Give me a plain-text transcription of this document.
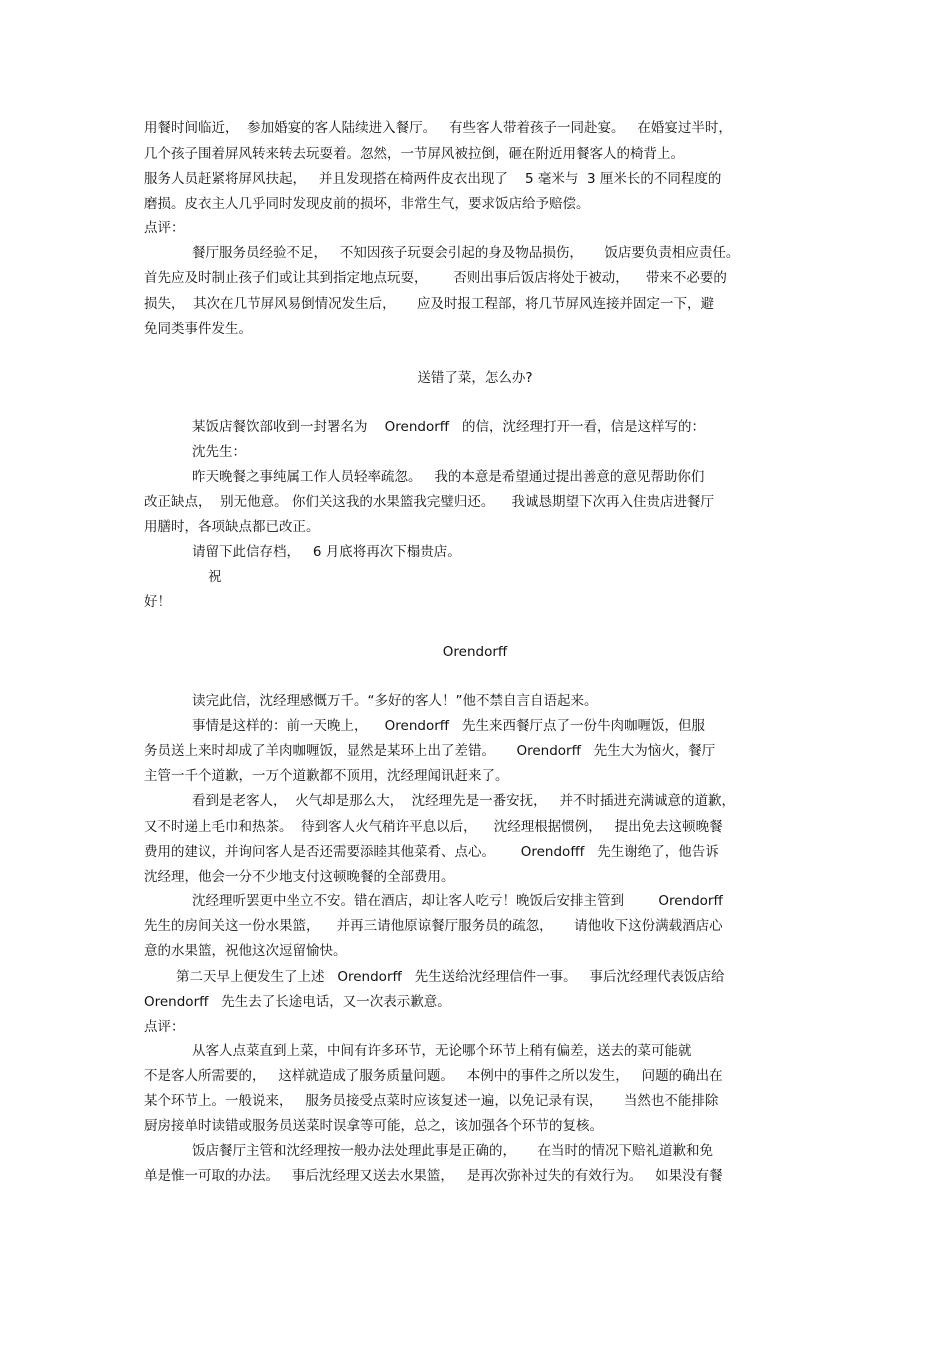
用餐时间临近，  参加婚宴的客人陆续进入餐厅。   有些客人带着孩子一同赴宴。   在婚宴过半时，
几个孩子围着屏风转来转去玩耍着。忽然，一节屏风被拉倒，砸在附近用餐客人的椅背上。
服务人员赶紧将屏风扶起，   并且发现搭在椅两件皮衣出现了    5 毫米与  3 厘米长的不同程度的
磨损。皮衣主人几乎同时发现皮前的损坏，非常生气，要求饭店给予赔偿。
点评：
餐厅服务员经验不足，   不知因孩子玩耍会引起的身及物品损伤，     饭店要负责相应责任。
首先应及时制止孩子们或让其到指定地点玩耍，      否则出事后饭店将处于被动，    带来不必要的
损失，  其次在几节屏风易倒情况发生后，     应及时报工程部，将几节屏风连接并固定一下，避
免同类事件发生。
送错了菜，怎么办?
某饭店餐饮部收到一封署名为    Orendorff   的信，沈经理打开一看，信是这样写的：
沈先生：
昨天晚餐之事纯属工作人员轻率疏忽。   我的本意是希望通过提出善意的意见帮助你们
改正缺点，  别无他意。 你们关这我的水果篮我完璧归还。    我诚恳期望下次再入住贵店进餐厅
用膳时，各项缺点都已改正。
请留下此信存档，   6 月底将再次下榻贵店。
祝
好！
Orendorff
读完此信，沈经理感慨万千。“多好的客人！”他不禁自言自语起来。
事情是这样的：前一天晚上，    Orendorff   先生来西餐厅点了一份牛肉咖喱饭，但服
务员送上来时却成了羊肉咖喱饭，显然是某环上出了差错。     Orendorff   先生大为恼火，餐厅
主管一千个道歉，一万个道歉都不顶用，沈经理闻讯赶来了。
看到是老客人，  火气却是那么大，  沈经理先是一番安抚，   并不时插进充满诚意的道歉，
又不时递上毛巾和热茶。  待到客人火气稍许平息以后，    沈经理根据惯例，   提出免去这顿晚餐
费用的建议，并询问客人是否还需要添睦其他菜肴、点心。      Orendofff   先生谢绝了，他告诉
沈经理，他会一分不少地支付这顿晚餐的全部费用。
沈经理听罢更中坐立不安。错在酒店，却让客人吃亏！晚饭后安排主管到        Orendorff
先生的房间关这一份水果篮，    并再三请他原谅餐厅服务员的疏忽，     请他收下这份满载酒店心
意的水果篮，祝他这次逗留愉快。
第二天早上便发生了上述   Orendorff   先生送给沈经理信件一事。   事后沈经理代表饭店给
Orendorff   先生去了长途电话，又一次表示歉意。
点评：
从客人点菜直到上菜，中间有许多环节，无论哪个环节上稍有偏差，送去的菜可能就
不是客人所需要的，   这样就造成了服务质量问题。   本例中的事件之所以发生，   问题的确出在
某个环节上。一般说来，   服务员接受点菜时应该复述一遍，以免记录有误，     当然也不能排除
厨房接单时读错或服务员送菜时误拿等可能，总之，该加强各个环节的复核。
饭店餐厅主管和沈经理按一般办法处理此事是正确的，     在当时的情况下赔礼道歉和免
单是惟一可取的办法。   事后沈经理又送去水果篮，   是再次弥补过失的有效行为。   如果没有餐
